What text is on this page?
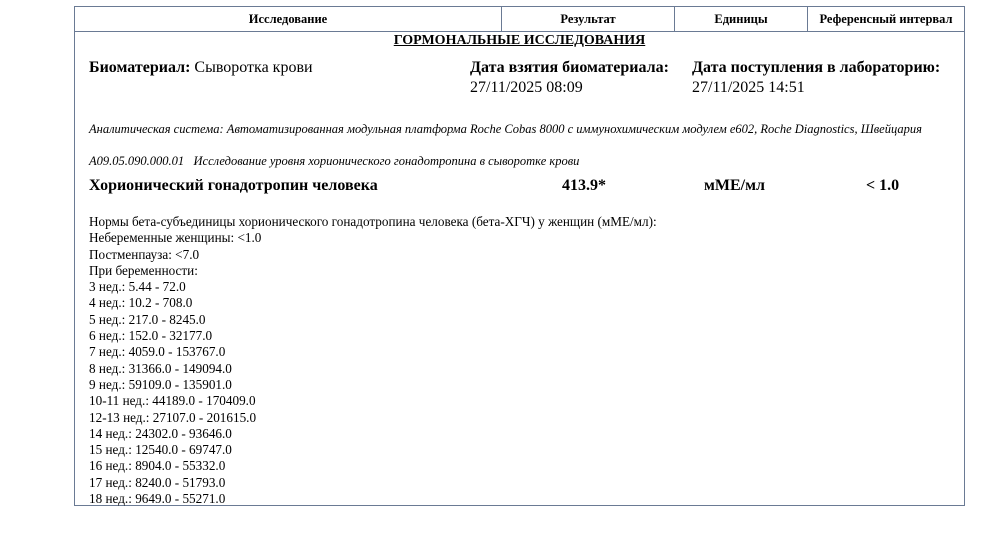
Исследование	Результат	Единицы	Референсный интервал
ГОРМОНАЛЬНЫЕ ИССЛЕДОВАНИЯ
Биоматериал: Сыворотка крови	Дата взятия биоматериала:
27/11/2025 08:09
Дата поступления в лабораторию:
27/11/2025 14:51
Аналитическая система: Автоматизированная модульная платформа Roche Cobas 8000 с иммунохимическим модулем e602, Roche Diagnostics, Швейцария
A09.05.090.000.01 Исследование уровня хорионического гонадотропина в сыворотке крови
Хорионический гонадотропин человека	413.9*	мМЕ/мл	< 1.0
Нормы бета-субъединицы хорионического гонадотропина человека (бета-ХГЧ) у женщин (мМЕ/мл):
Небеременные женщины: <1.0
Постменпауза: <7.0
При беременности:
3 нед.: 5.44 - 72.0
4 нед.: 10.2 - 708.0
5 нед.: 217.0 - 8245.0
6 нед.: 152.0 - 32177.0
7 нед.: 4059.0 - 153767.0
8 нед.: 31366.0 - 149094.0
9 нед.: 59109.0 - 135901.0
10-11 нед.: 44189.0 - 170409.0
12-13 нед.: 27107.0 - 201615.0
14 нед.: 24302.0 - 93646.0
15 нед.: 12540.0 - 69747.0
16 нед.: 8904.0 - 55332.0
17 нед.: 8240.0 - 51793.0
18 нед.: 9649.0 - 55271.0
